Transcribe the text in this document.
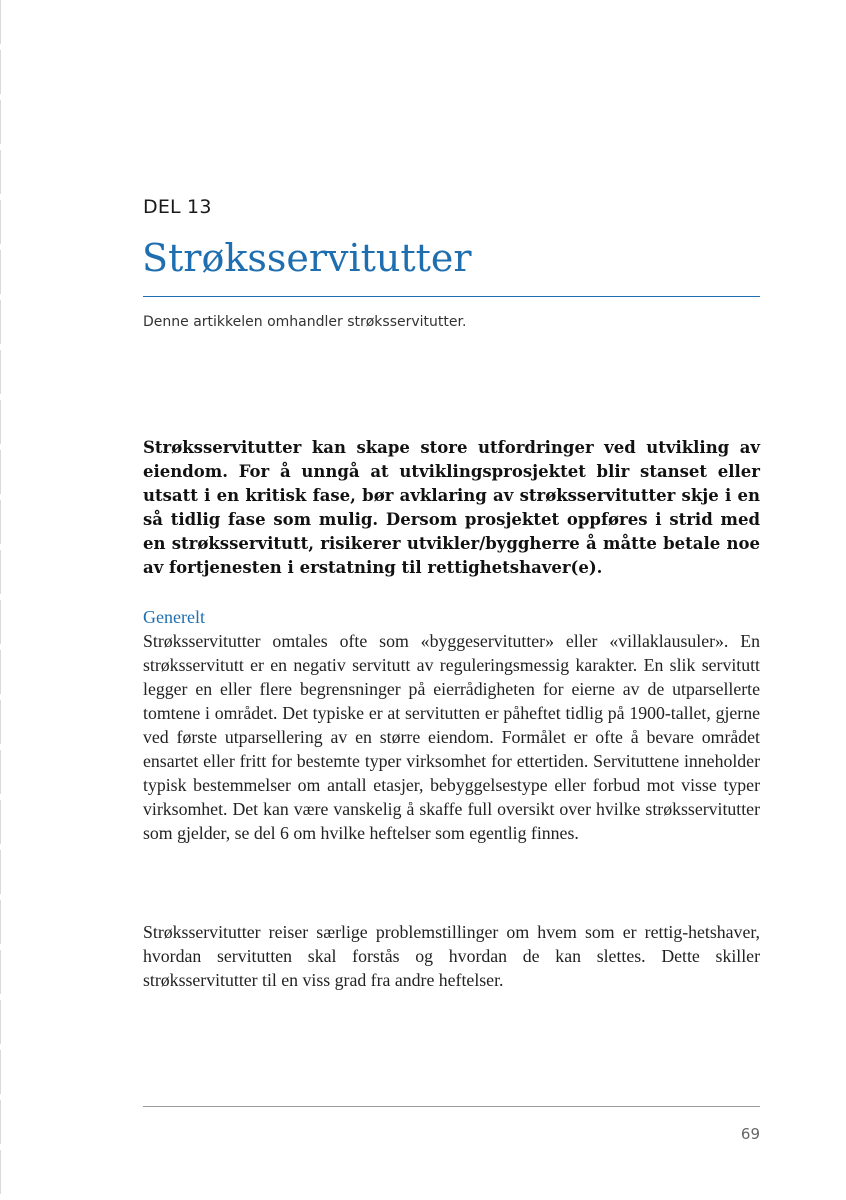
DEL 13
Strøksservitutter
Denne artikkelen omhandler strøksservitutter.

Strøksservitutter kan skape store utfordringer ved utvikling av eiendom. For å unngå at utviklingsprosjektet blir stanset eller utsatt i en kritisk fase, bør avklaring av strøksservitutter skje i en så tidlig fase som mulig. Dersom prosjektet oppføres i strid med en strøksservitutt, risikerer utvikler/byggherre å måtte betale noe av fortjenesten i erstatning til rettighetshaver(e).

Generelt

Strøksservitutter omtales ofte som «byggeservitutter» eller «villaklausuler». En strøksservitutt er en negativ servitutt av reguleringsmessig karakter. En slik servitutt legger en eller flere begrensninger på eierrådigheten for eierne av de utparsellerte tomtene i området. Det typiske er at servitutten er påheftet tidlig på 1900-tallet, gjerne ved første utparsellering av en større eiendom. Formålet er ofte å bevare området ensartet eller fritt for bestemte typer virksomhet for ettertiden. Servituttene inneholder typisk bestemmelser om antall etasjer, bebyggelsestype eller forbud mot visse typer virksomhet. Det kan være vanskelig å skaffe full oversikt over hvilke strøksservitutter som gjelder, se del 6 om hvilke heftelser som egentlig finnes.

Strøksservitutter reiser særlige problemstillinger om hvem som er rettig-hetshaver, hvordan servitutten skal forstås og hvordan de kan slettes. Dette skiller strøksservitutter til en viss grad fra andre heftelser.

69
